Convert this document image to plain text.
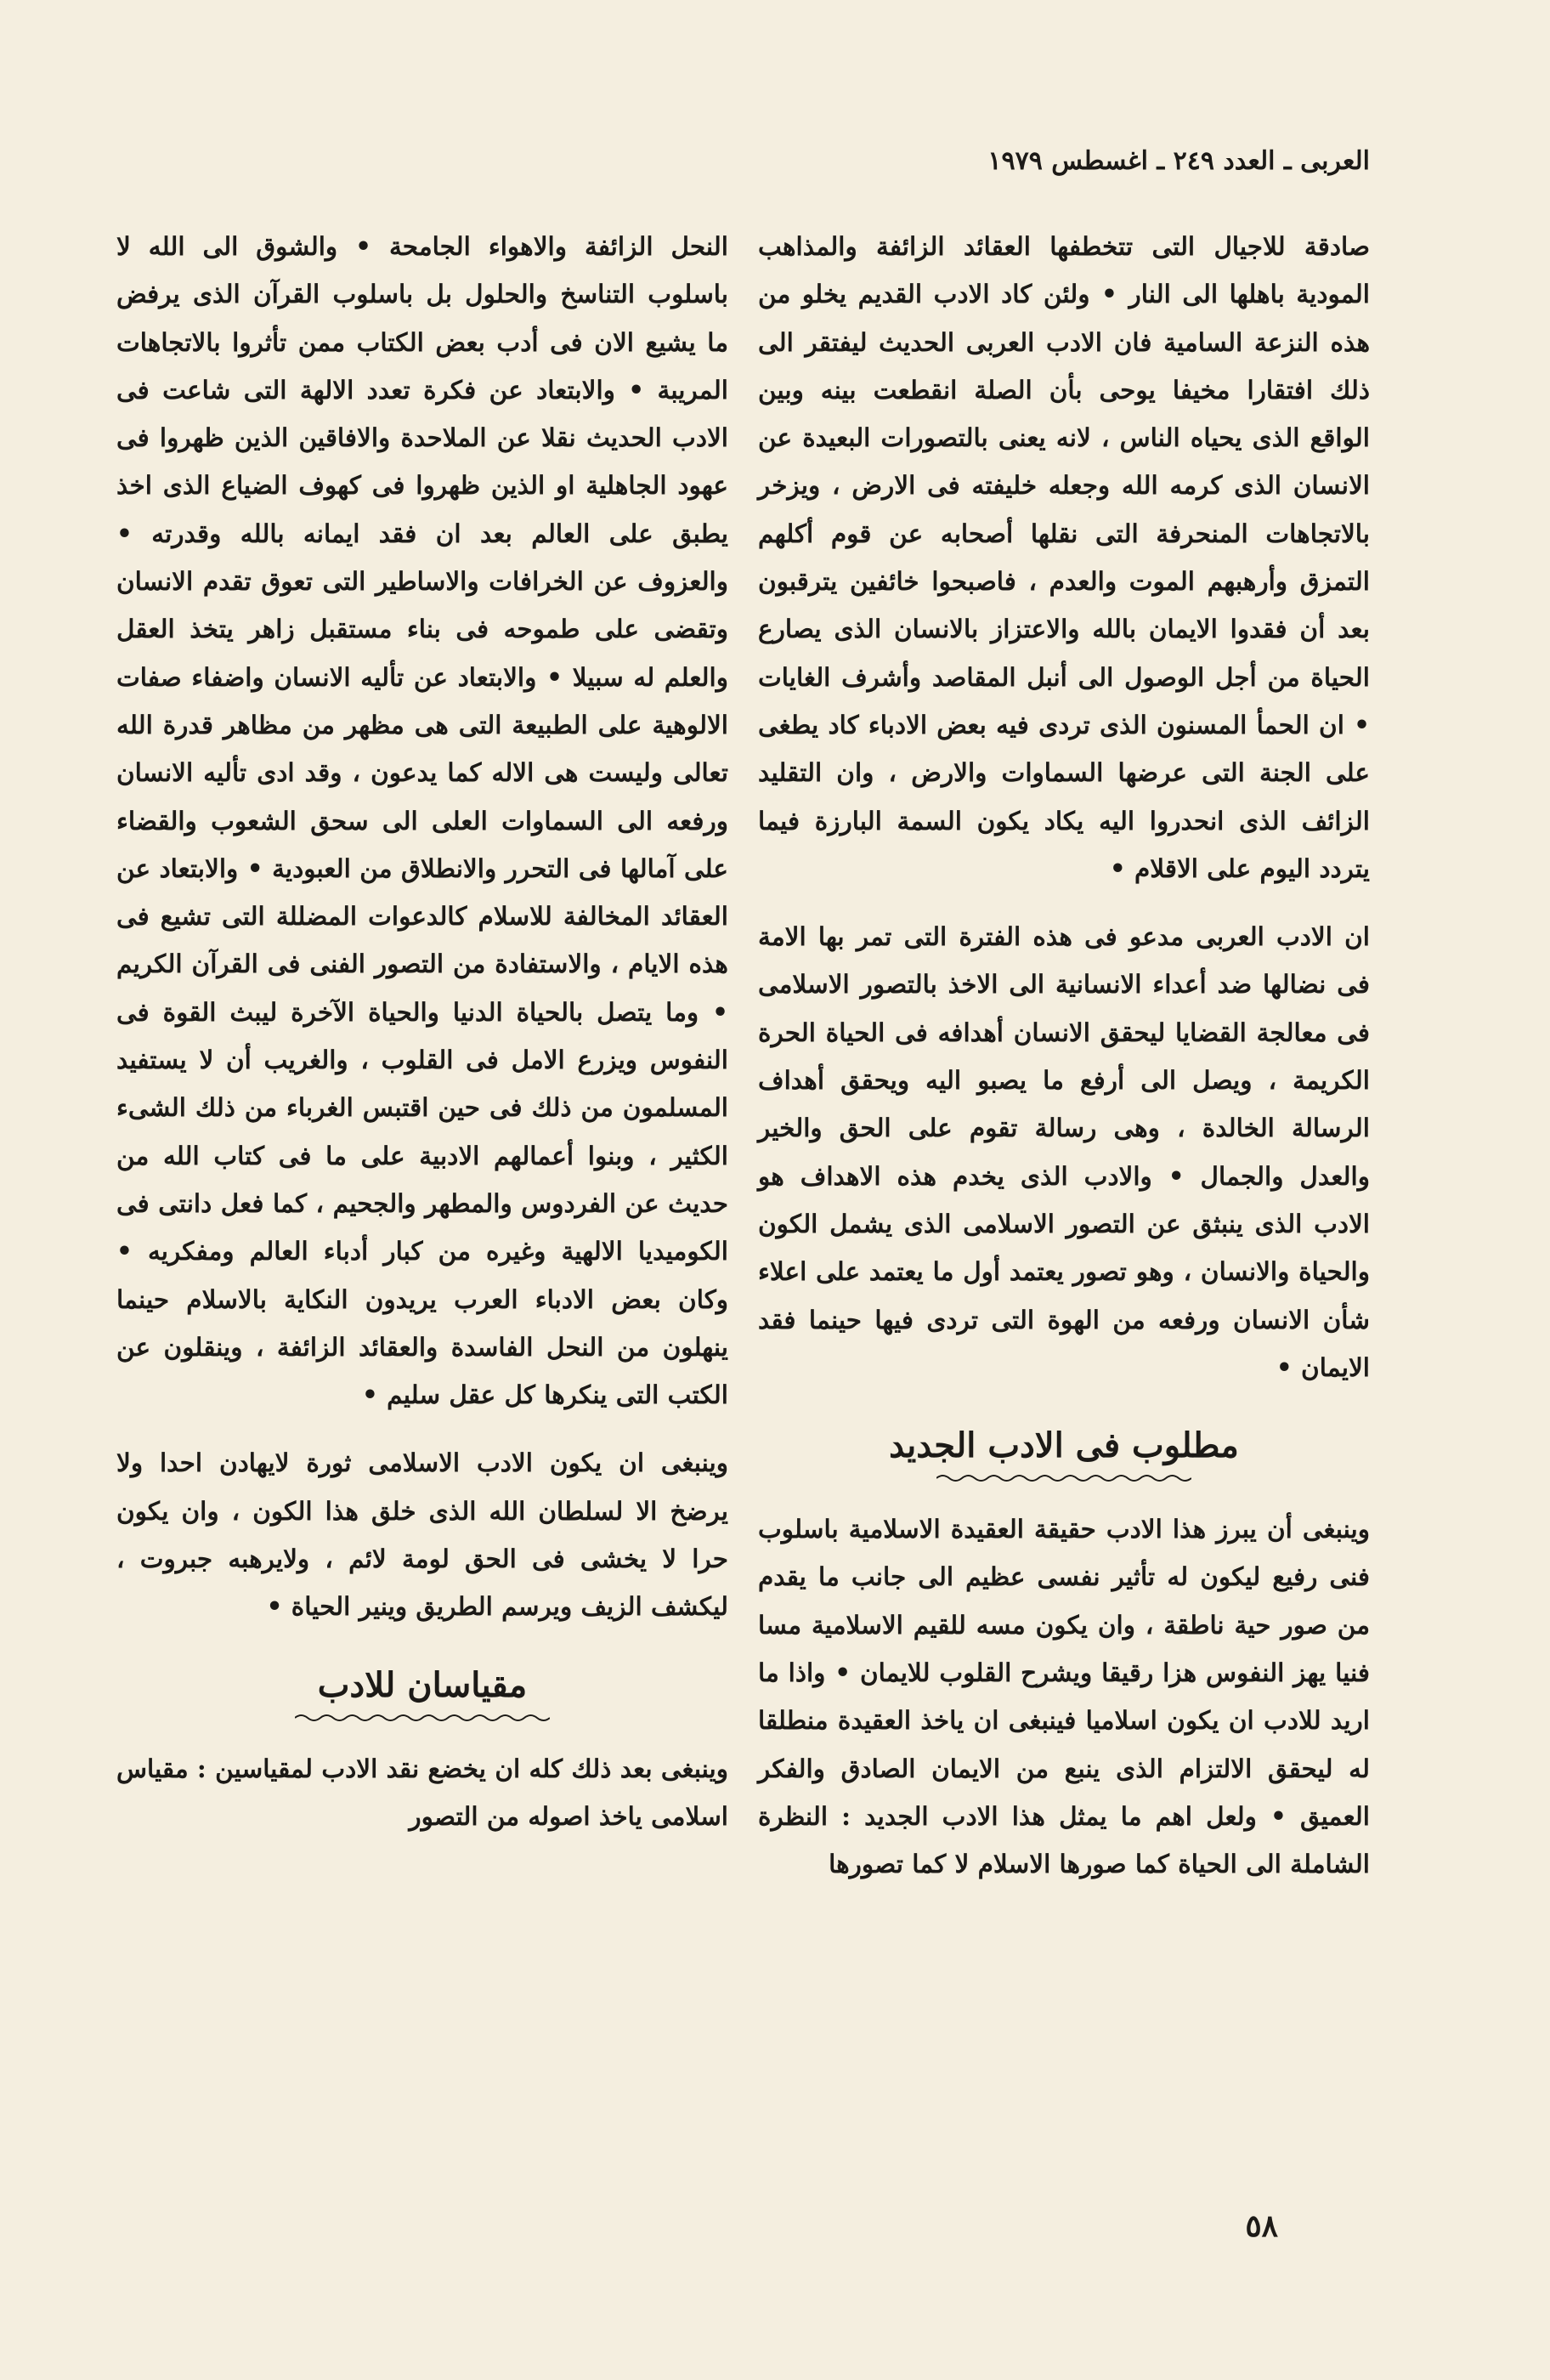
العربى ـ العدد ٢٤٩ ـ اغسطس ١٩٧٩

صادقة للاجيال التى تتخطفها العقائد الزائفة والمذاهب المودية باهلها الى النار • ولئن كاد الادب القديم يخلو من هذه النزعة السامية فان الادب العربى الحديث ليفتقر الى ذلك افتقارا مخيفا يوحى بأن الصلة انقطعت بينه وبين الواقع الذى يحياه الناس ، لانه يعنى بالتصورات البعيدة عن الانسان الذى كرمه الله وجعله خليفته فى الارض ، ويزخر بالاتجاهات المنحرفة التى نقلها أصحابه عن قوم أكلهم التمزق وأرهبهم الموت والعدم ، فاصبحوا خائفين يترقبون بعد أن فقدوا الايمان بالله والاعتزاز بالانسان الذى يصارع الحياة من أجل الوصول الى أنبل المقاصد وأشرف الغايات • ان الحمأ المسنون الذى تردى فيه بعض الادباء كاد يطغى على الجنة التى عرضها السماوات والارض ، وان التقليد الزائف الذى انحدروا اليه يكاد يكون السمة البارزة فيما يتردد اليوم على الاقلام •

ان الادب العربى مدعو فى هذه الفترة التى تمر بها الامة فى نضالها ضد أعداء الانسانية الى الاخذ بالتصور الاسلامى فى معالجة القضايا ليحقق الانسان أهدافه فى الحياة الحرة الكريمة ، ويصل الى أرفع ما يصبو اليه ويحقق أهداف الرسالة الخالدة ، وهى رسالة تقوم على الحق والخير والعدل والجمال • والادب الذى يخدم هذه الاهداف هو الادب الذى ينبثق عن التصور الاسلامى الذى يشمل الكون والحياة والانسان ، وهو تصور يعتمد أول ما يعتمد على اعلاء شأن الانسان ورفعه من الهوة التى تردى فيها حينما فقد الايمان •

مطلوب فى الادب الجديد

وينبغى أن يبرز هذا الادب حقيقة العقيدة الاسلامية باسلوب فنى رفيع ليكون له تأثير نفسى عظيم الى جانب ما يقدم من صور حية ناطقة ، وان يكون مسه للقيم الاسلامية مسا فنيا يهز النفوس هزا رقيقا ويشرح القلوب للايمان • واذا ما اريد للادب ان يكون اسلاميا فينبغى ان ياخذ العقيدة منطلقا له ليحقق الالتزام الذى ينبع من الايمان الصادق والفكر العميق • ولعل اهم ما يمثل هذا الادب الجديد : النظرة الشاملة الى الحياة كما صورها الاسلام لا كما تصورها

النحل الزائفة والاهواء الجامحة • والشوق الى الله لا باسلوب التناسخ والحلول بل باسلوب القرآن الذى يرفض ما يشيع الان فى أدب بعض الكتاب ممن تأثروا بالاتجاهات المريبة • والابتعاد عن فكرة تعدد الالهة التى شاعت فى الادب الحديث نقلا عن الملاحدة والافاقين الذين ظهروا فى عهود الجاهلية او الذين ظهروا فى كهوف الضياع الذى اخذ يطبق على العالم بعد ان فقد ايمانه بالله وقدرته • والعزوف عن الخرافات والاساطير التى تعوق تقدم الانسان وتقضى على طموحه فى بناء مستقبل زاهر يتخذ العقل والعلم له سبيلا • والابتعاد عن تأليه الانسان واضفاء صفات الالوهية على الطبيعة التى هى مظهر من مظاهر قدرة الله تعالى وليست هى الاله كما يدعون ، وقد ادى تأليه الانسان ورفعه الى السماوات العلى الى سحق الشعوب والقضاء على آمالها فى التحرر والانطلاق من العبودية • والابتعاد عن العقائد المخالفة للاسلام كالدعوات المضللة التى تشيع فى هذه الايام ، والاستفادة من التصور الفنى فى القرآن الكريم • وما يتصل بالحياة الدنيا والحياة الآخرة ليبث القوة فى النفوس ويزرع الامل فى القلوب ، والغريب أن لا يستفيد المسلمون من ذلك فى حين اقتبس الغرباء من ذلك الشىء الكثير ، وبنوا أعمالهم الادبية على ما فى كتاب الله من حديث عن الفردوس والمطهر والجحيم ، كما فعل دانتى فى الكوميديا الالهية وغيره من كبار أدباء العالم ومفكريه • وكان بعض الادباء العرب يريدون النكاية بالاسلام حينما ينهلون من النحل الفاسدة والعقائد الزائفة ، وينقلون عن الكتب التى ينكرها كل عقل سليم •

وينبغى ان يكون الادب الاسلامى ثورة لايهادن احدا ولا يرضخ الا لسلطان الله الذى خلق هذا الكون ، وان يكون حرا لا يخشى فى الحق لومة لائم ، ولايرهبه جبروت ، ليكشف الزيف ويرسم الطريق وينير الحياة •

مقياسان للادب

وينبغى بعد ذلك كله ان يخضع نقد الادب لمقياسين : مقياس اسلامى ياخذ اصوله من التصور

٥٨
